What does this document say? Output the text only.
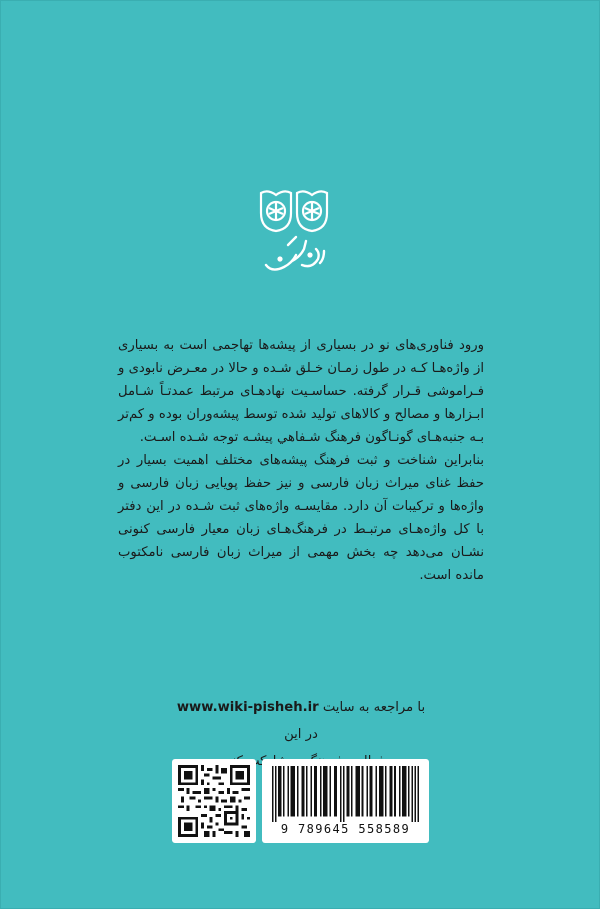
ورود فناوری‌های نو در بسیاری از پیشه‌ها تهاجمی است به بسیاری از واژه‌هـا کـه در طول زمـان خـلق شـده و حالا در معـرض نابودی و فـراموشی قـرار گرفته. حساسـیت نهادهـای مرتبط عمدتـاً شـامل ابـزارها و مصالح و کالاهای تولید شده توسط پیشه‌وران بوده و کم‌تر بـه جنبه‌هـای گونـاگون فرهنگ شـفاهي پيشـه توجه شـده اسـت.

بنابراین شناخت و ثبت فرهنگ پیشه‌های مختلف اهمیت بسیار در حفظ غنای میراث زبان فارسی و نیز حفظ پویایی زبان فارسی و واژه‌ها و ترکیبات آن دارد. مقایسـه واژه‌های ثبت شـده در این دفتر با کل واژه‌هـای مرتبـط در فرهنگ‌هـای زبان معیار فارسی کنونی نشـان می‌دهد چه بخش مهمی از میراث زبان فارسی نامکتوب مانده است.

با مراجعه به سایت www.wiki-pisheh.ir در این

9 789645 558589
